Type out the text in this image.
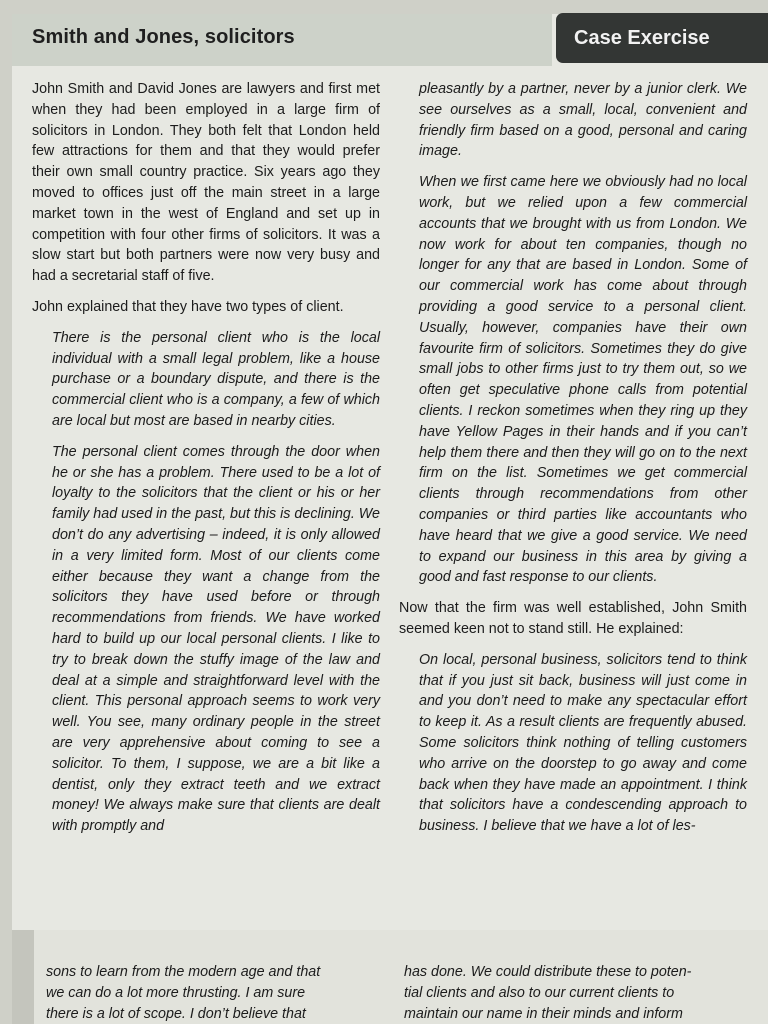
Smith and Jones, solicitors	Case Exercise

John Smith and David Jones are lawyers and first met when they had been employed in a large firm of solicitors in London. They both felt that London held few attractions for them and that they would prefer their own small country practice. Six years ago they moved to offices just off the main street in a large market town in the west of England and set up in competition with four other firms of solicitors. It was a slow start but both partners were now very busy and had a secretarial staff of five.

John explained that they have two types of client.

There is the personal client who is the local individual with a small legal problem, like a house purchase or a boundary dispute, and there is the commercial client who is a company, a few of which are local but most are based in nearby cities.

The personal client comes through the door when he or she has a problem. There used to be a lot of loyalty to the solicitors that the client or his or her family had used in the past, but this is declining. We don’t do any advertising – indeed, it is only allowed in a very limited form. Most of our clients come either because they want a change from the solicitors they have used before or through recommendations from friends. We have worked hard to build up our local personal clients. I like to try to break down the stuffy image of the law and deal at a simple and straightforward level with the client. This personal approach seems to work very well. You see, many ordinary people in the street are very apprehensive about coming to see a solicitor. To them, I suppose, we are a bit like a dentist, only they extract teeth and we extract money! We always make sure that clients are dealt with promptly and

pleasantly by a partner, never by a junior clerk. We see ourselves as a small, local, convenient and friendly firm based on a good, personal and caring image.

When we first came here we obviously had no local work, but we relied upon a few commercial accounts that we brought with us from London. We now work for about ten companies, though no longer for any that are based in London. Some of our commercial work has come about through providing a good service to a personal client. Usually, however, companies have their own favourite firm of solicitors. Sometimes they do give small jobs to other firms just to try them out, so we often get speculative phone calls from potential clients. I reckon sometimes when they ring up they have Yellow Pages in their hands and if you can’t help them there and then they will go on to the next firm on the list. Sometimes we get commercial clients through recommendations from other companies or third parties like accountants who have heard that we give a good service. We need to expand our business in this area by giving a good and fast response to our clients.

Now that the firm was well established, John Smith seemed keen not to stand still. He explained:

On local, personal business, solicitors tend to think that if you just sit back, business will just come in and you don’t need to make any spectacular effort to keep it. As a result clients are frequently abused. Some solicitors think nothing of telling customers who arrive on the doorstep to go away and come back when they have made an appointment. I think that solicitors have a condescending approach to business. I believe that we have a lot of les-

sons to learn from the modern age and that
we can do a lot more thrusting. I am sure
there is a lot of scope. I don’t believe that
has done. We could distribute these to poten-
tial clients and also to our current clients to
maintain our name in their minds and inform
